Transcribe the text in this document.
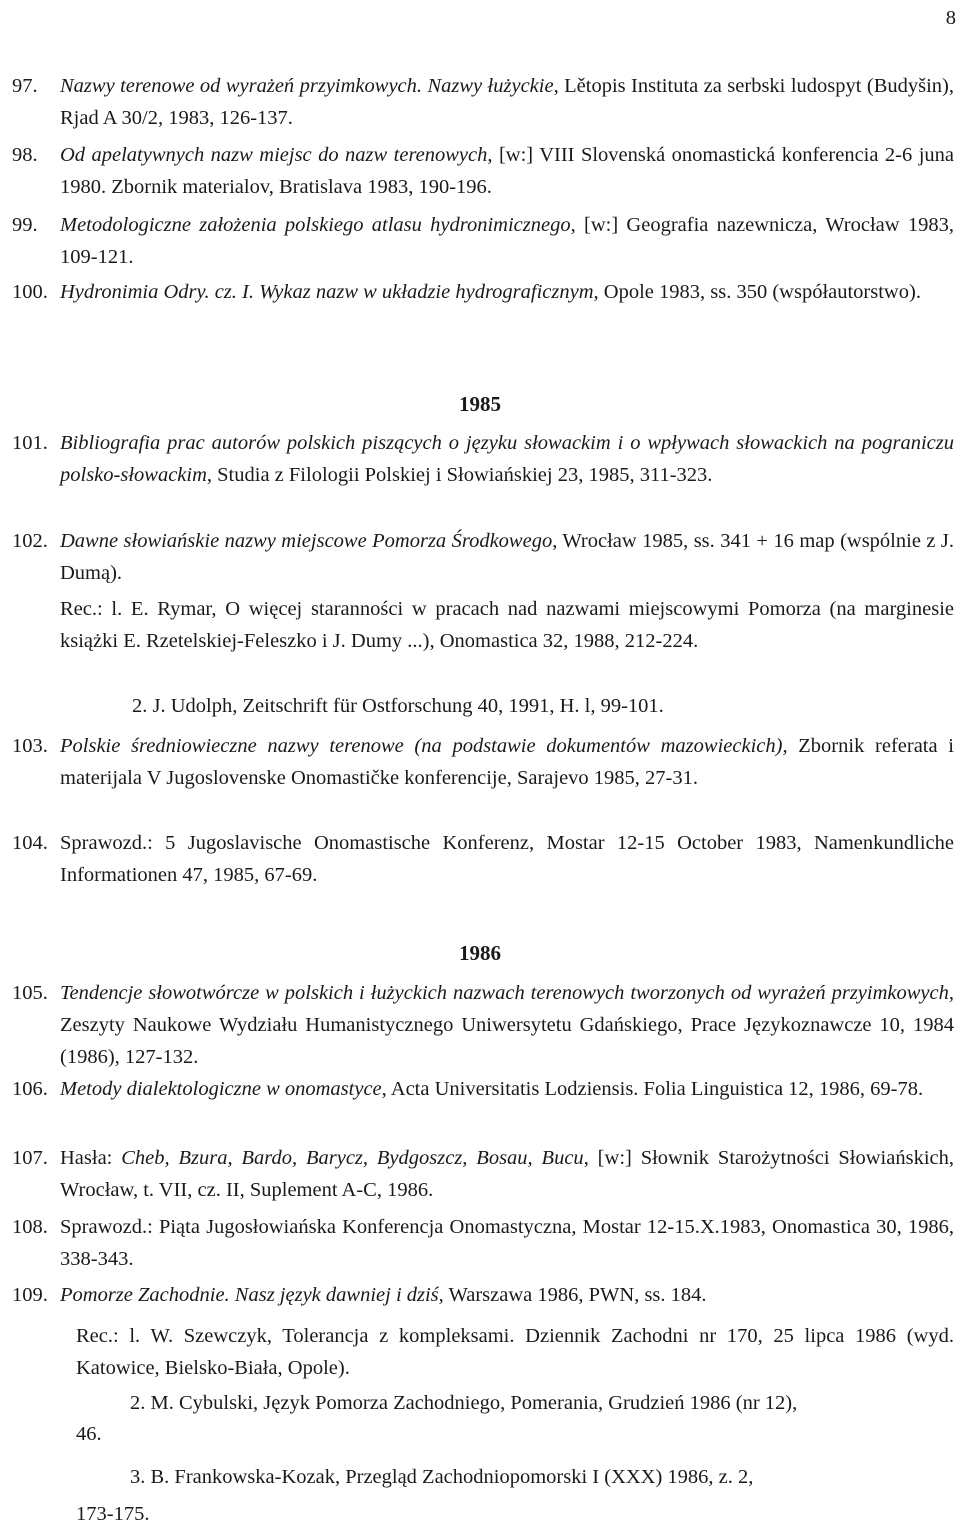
8
97. Nazwy terenowe od wyrażeń przyimkowych. Nazwy łużyckie, Lětopis Instituta za serbski ludospyt (Budyšin), Rjad A 30/2, 1983, 126-137.
98. Od apelatywnych nazw miejsc do nazw terenowych, [w:] VIII Slovenská onomastická konferencia 2-6 juna 1980. Zbornik materialov, Bratislava 1983, 190-196.
99. Metodologiczne założenia polskiego atlasu hydronimicznego, [w:] Geografia nazewnicza, Wrocław 1983, 109-121.
100. Hydronimia Odry. cz. I. Wykaz nazw w układzie hydrograficznym, Opole 1983, ss. 350 (współautorstwo).
1985
101. Bibliografia prac autorów polskich piszących o języku słowackim i o wpływach słowackich na pograniczu polsko-słowackim, Studia z Filologii Polskiej i Słowiańskiej 23, 1985, 311-323.
102. Dawne słowiańskie nazwy miejscowe Pomorza Środkowego, Wrocław 1985, ss. 341 + 16 map (wspólnie z J. Dumą).
Rec.: l. E. Rymar, O więcej staranności w pracach nad nazwami miejscowymi Pomorza (na marginesie książki E. Rzetelskiej-Feleszko i J. Dumy ...), Onomastica 32, 1988, 212-224.
2. J. Udolph, Zeitschrift für Ostforschung 40, 1991, H. l, 99-101.
103. Polskie średniowieczne nazwy terenowe (na podstawie dokumentów mazowieckich), Zbornik referata i materijala V Jugoslovenske Onomastičke konferencije, Sarajevo 1985, 27-31.
104. Sprawozd.: 5 Jugoslavische Onomastische Konferenz, Mostar 12-15 October 1983, Namenkundliche Informationen 47, 1985, 67-69.
1986
105. Tendencje słowotwórcze w polskich i łużyckich nazwach terenowych tworzonych od wyrażeń przyimkowych, Zeszyty Naukowe Wydziału Humanistycznego Uniwersytetu Gdańskiego, Prace Językoznawcze 10, 1984 (1986), 127-132.
106. Metody dialektologiczne w onomastyce, Acta Universitatis Lodziensis. Folia Linguistica 12, 1986, 69-78.
107. Hasła: Cheb, Bzura, Bardo, Barycz, Bydgoszcz, Bosau, Bucu, [w:] Słownik Starożytności Słowiańskich, Wrocław, t. VII, cz. II, Suplement A-C, 1986.
108. Sprawozd.: Piąta Jugosłowiańska Konferencja Onomastyczna, Mostar 12-15.X.1983, Onomastica 30, 1986, 338-343.
109. Pomorze Zachodnie. Nasz język dawniej i dziś, Warszawa 1986, PWN, ss. 184.
Rec.: l. W. Szewczyk, Tolerancja z kompleksami. Dziennik Zachodni nr 170, 25 lipca 1986 (wyd. Katowice, Bielsko-Biała, Opole).
2. M. Cybulski, Język Pomorza Zachodniego, Pomerania, Grudzień 1986 (nr 12),
46.
3. B. Frankowska-Kozak, Przegląd Zachodniopomorski I (XXX) 1986, z. 2,
173-175.
